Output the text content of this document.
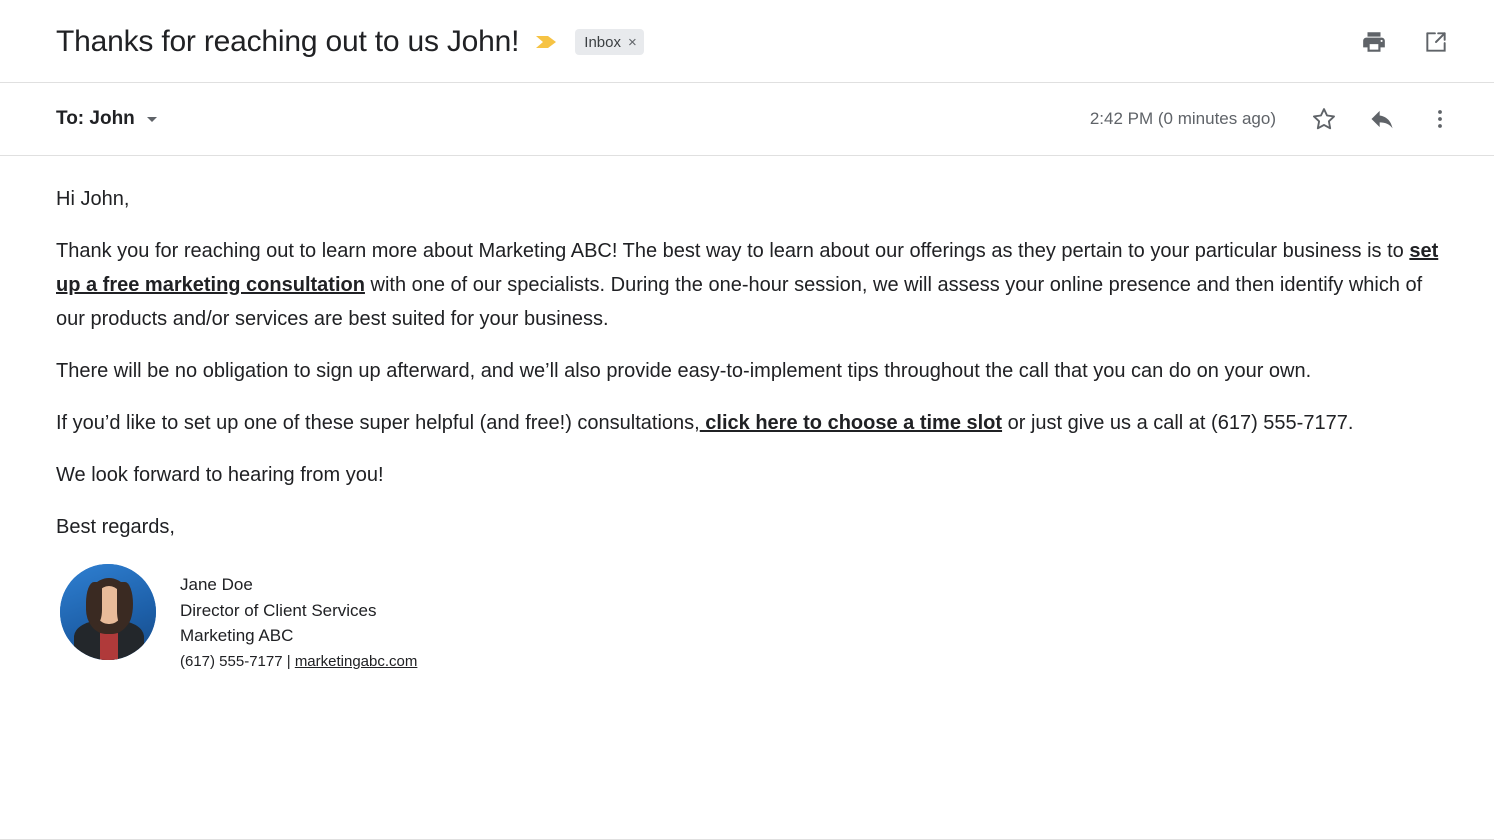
Thanks for reaching out to us John!	Inbox ×
To: John	2:42 PM (0 minutes ago)

Hi John,

Thank you for reaching out to learn more about Marketing ABC! The best way to learn about our offerings as they pertain to your particular business is to set up a free marketing consultation with one of our specialists. During the one-hour session, we will assess your online presence and then identify which of our products and/or services are best suited for your business.

There will be no obligation to sign up afterward, and we’ll also provide easy-to-implement tips throughout the call that you can do on your own.

If you’d like to set up one of these super helpful (and free!) consultations, click here to choose a time slot or just give us a call at (617) 555-7177.

We look forward to hearing from you!

Best regards,

Jane Doe
Director of Client Services
Marketing ABC
(617) 555-7177 | marketingabc.com
